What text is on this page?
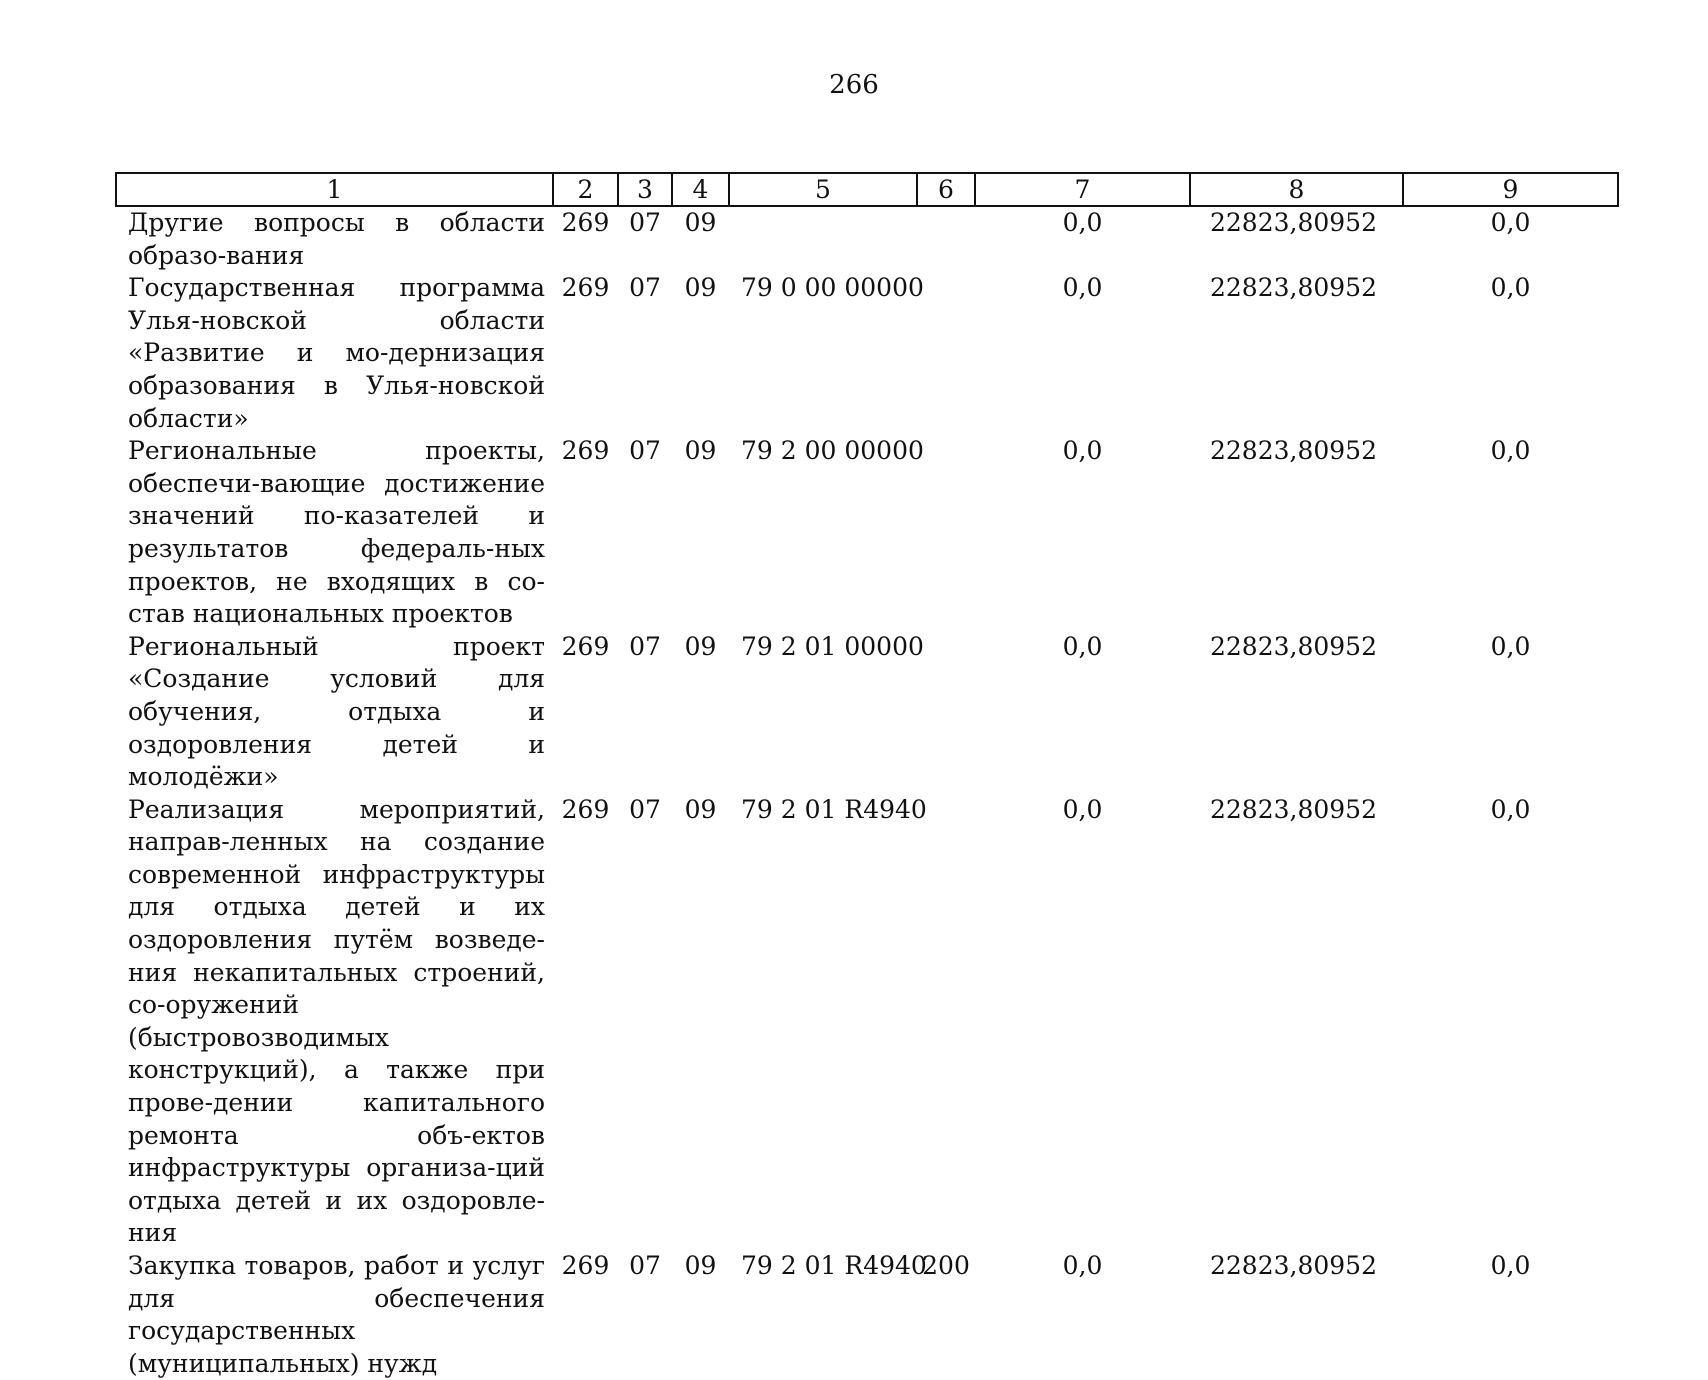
266
1	2	3	4	5	6	7	8	9
Другие вопросы в области образо-вания	269	07	09			0,0	22823,80952	0,0
Государственная программа Улья-новской области «Развитие и мо-дернизация образования в Улья-новской области»	269	07	09	79 0 00 00000		0,0	22823,80952	0,0
Региональные проекты, обеспечи-вающие достижение значений по-казателей и результатов федераль-ных проектов, не входящих в со-став национальных проектов	269	07	09	79 2 00 00000		0,0	22823,80952	0,0
Региональный проект «Создание условий для обучения, отдыха и оздоровления детей и молодёжи»	269	07	09	79 2 01 00000		0,0	22823,80952	0,0
Реализация мероприятий, направ-ленных на создание современной инфраструктуры для отдыха детей и их оздоровления путём возведе-ния некапитальных строений, со-оружений (быстровозводимых конструкций), а также при прове-дении капитального ремонта объ-ектов инфраструктуры организа-ций отдыха детей и их оздоровле-ния	269	07	09	79 2 01 R4940		0,0	22823,80952	0,0
Закупка товаров, работ и услуг для обеспечения государственных (муниципальных) нужд	269	07	09	79 2 01 R4940	200	0,0	22823,80952	0,0
